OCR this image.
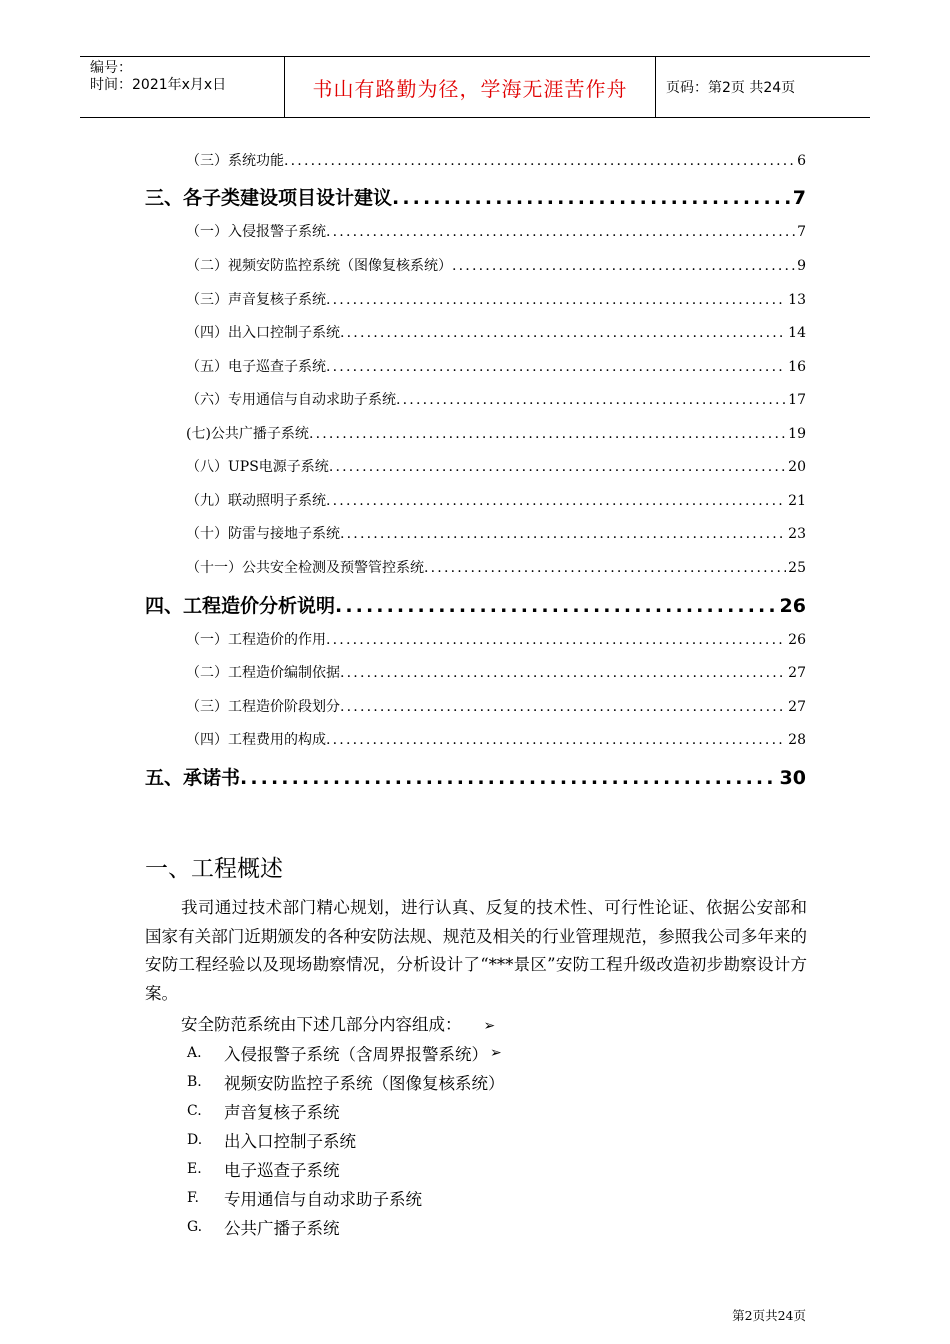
编号：
时间：2021年x月x日	书山有路勤为径，学海无涯苦作舟	页码：第2页 共24页
（三）系统功能 .....	6
三、各子类建设项目设计建议 .....	7
（一）入侵报警子系统 .....	7
（二）视频安防监控系统（图像复核系统） .....	9
（三）声音复核子系统 .....	13
（四）出入口控制子系统 .....	14
（五）电子巡查子系统 .....	16
（六）专用通信与自动求助子系统 .....	17
(七)公共广播子系统 .....	19
（八）UPS电源子系统 .....	20
（九）联动照明子系统 .....	21
（十）防雷与接地子系统 .....	23
（十一）公共安全检测及预警管控系统 .....	25
四、工程造价分析说明 .....	26
（一）工程造价的作用 .....	26
（二）工程造价编制依据 .....	27
（三）工程造价阶段划分 .....	27
（四）工程费用的构成 .....	28
五、承诺书 .....	30
一、工程概述
我司通过技术部门精心规划，进行认真、反复的技术性、可行性论证、依据公安部和国家有关部门近期颁发的各种安防法规、规范及相关的行业管理规范，参照我公司多年来的安防工程经验以及现场勘察情况，分析设计了“***景区”安防工程升级改造初步勘察设计方案。
安全防范系统由下述几部分内容组成： ➢
A.	入侵报警子系统（含周界报警系统） ➢
B.	视频安防监控子系统（图像复核系统）
C.	声音复核子系统
D.	出入口控制子系统
E.	电子巡查子系统
F.	专用通信与自动求助子系统
G.	公共广播子系统
第2页共24页
